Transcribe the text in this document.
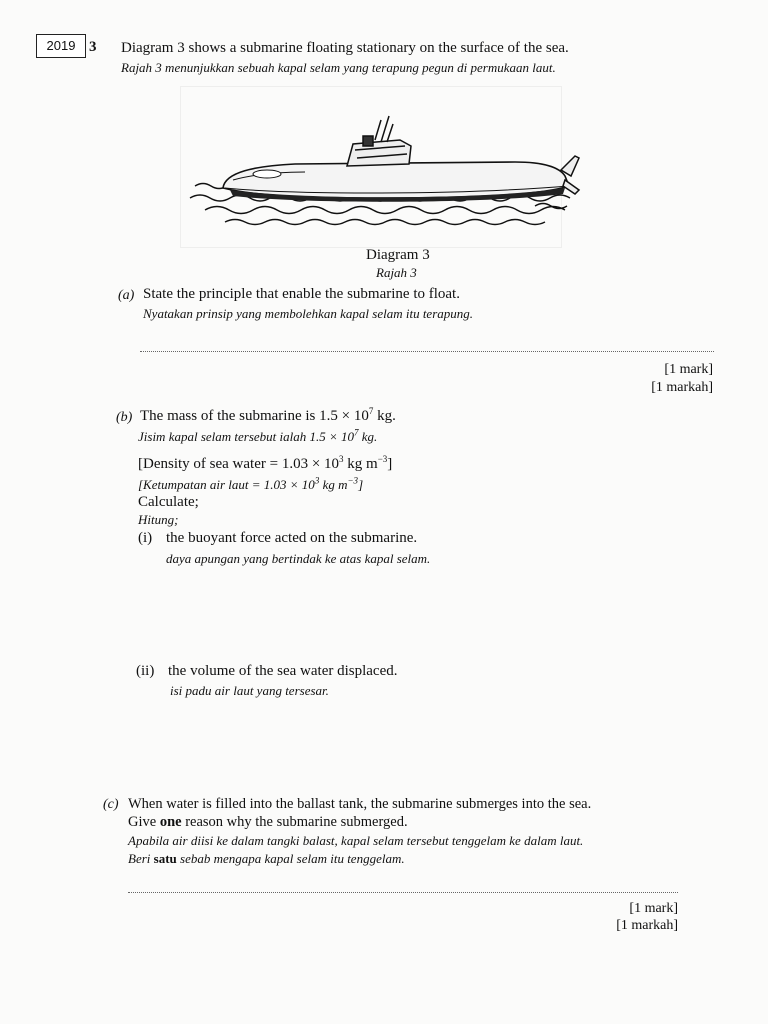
2019 3 Diagram 3 shows a submarine floating stationary on the surface of the sea.
Rajah 3 menunjukkan sebuah kapal selam yang terapung pegun di permukaan laut.
Diagram 3
Rajah 3
(a) State the principle that enable the submarine to float.
Nyatakan prinsip yang membolehkan kapal selam itu terapung.
[1 mark]
[1 markah]
(b) The mass of the submarine is $1.5 \times 10^7$ kg.
Jisim kapal selam tersebut ialah $1.5 \times 10^7$ kg.
[Density of sea water = $1.03 \times 10^3$ kg $m^{-3}$]
[Ketumpatan air laut = $1.03 \times 10^3$ kg $m^{-3}$]
Calculate;
Hitung;
(i) the buoyant force acted on the submarine.
daya apungan yang bertindak ke atas kapal selam.
(ii) the volume of the sea water displaced.
isi padu air laut yang tersesar.
(c) When water is filled into the ballast tank, the submarine submerges into the sea.
Give one reason why the submarine submerged.
Apabila air diisi ke dalam tangki balast, kapal selam tersebut tenggelam ke dalam laut.
Beri satu sebab mengapa kapal selam itu tenggelam.
[1 mark]
[1 markah]
